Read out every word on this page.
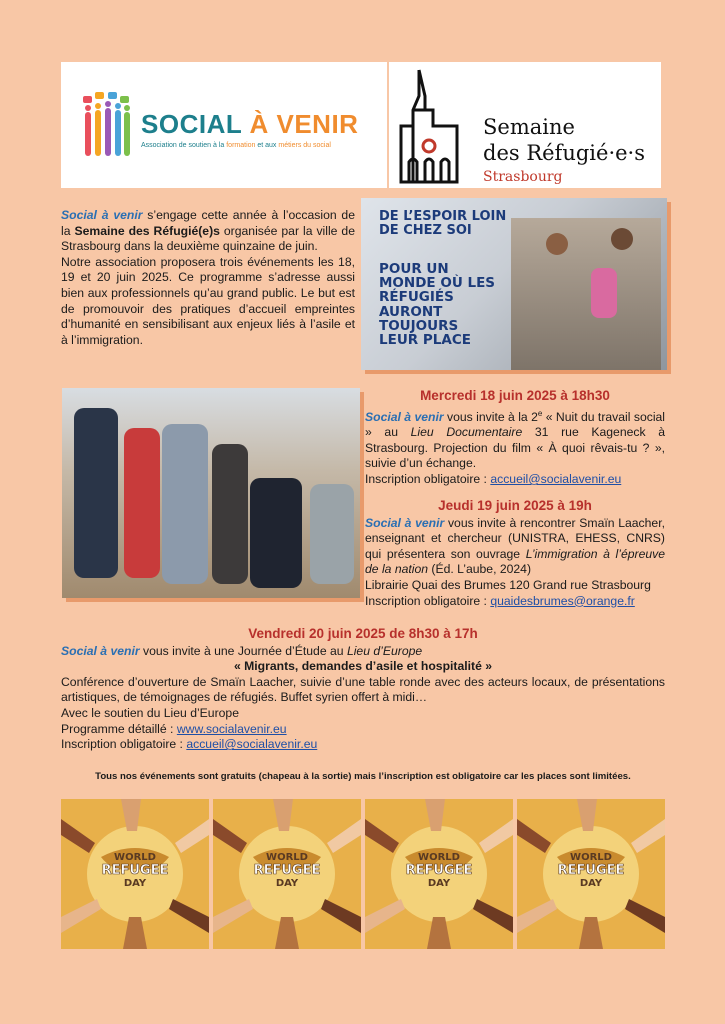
SOCIAL À VENIR
Association de soutien à la formation et aux métiers du social
Semaine
des Réfugié·e·s
Strasbourg

Social à venir s’engage cette année à l’occasion de la Semaine des Réfugié(e)s organisée par la ville de Strasbourg dans la deuxième quinzaine de juin.

Notre association proposera trois événements les 18, 19 et 20 juin 2025. Ce programme s’adresse aussi bien aux professionnels qu’au grand public. Le but est de promouvoir des pratiques d’accueil empreintes d’humanité en sensibilisant aux enjeux liés à l’asile et à l’immigration.

DE L’ESPOIR LOIN DE CHEZ SOI
POUR UN
MONDE OÙ LES
RÉFUGIÉS
AURONT
TOUJOURS
LEUR PLACE
Mercredi 18 juin 2025 à 18h30

Social à venir vous invite à la 2e « Nuit du travail social » au Lieu Documentaire 31 rue Kageneck à Strasbourg. Projection du film « À quoi rêvais-tu ? », suivie d’un échange.

Inscription obligatoire : accueil@socialavenir.eu

Jeudi 19 juin 2025 à 19h

Social à venir vous invite à rencontrer Smaïn Laacher, enseignant et chercheur (UNISTRA, EHESS, CNRS) qui présentera son ouvrage L’immigration à l’épreuve de la nation (Éd. L’aube, 2024)

Librairie Quai des Brumes 120 Grand rue Strasbourg

Inscription obligatoire : quaidesbrumes@orange.fr

Vendredi 20 juin 2025 de 8h30 à 17h

Social à venir vous invite à une Journée d’Étude au Lieu d’Europe

« Migrants, demandes d’asile et hospitalité »

Conférence d’ouverture de Smaïn Laacher, suivie d’une table ronde avec des acteurs locaux, de présentations artistiques, de témoignages de réfugiés. Buffet syrien offert à midi…

Avec le soutien du Lieu d’Europe

Programme détaillé : www.socialavenir.eu

Inscription obligatoire : accueil@socialavenir.eu

Tous nos événements sont gratuits (chapeau à la sortie) mais l’inscription est obligatoire car les places sont limitées.
WORLD
REFUGEE
DAY
WORLD
REFUGEE
DAY
WORLD
REFUGEE
DAY
WORLD
REFUGEE
DAY
